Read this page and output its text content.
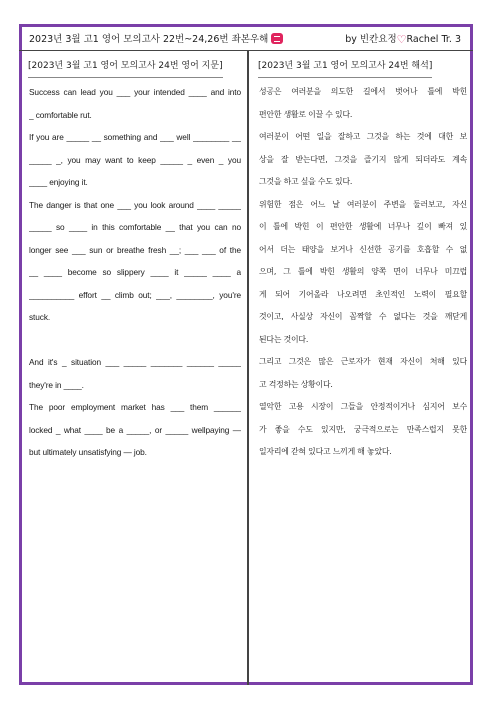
2023년 3월 고1 영어 모의고사 22번~24,26번 좌본우해	by 빈칸요정♡Rachel Tr. 3
[2023년 3월 고1 영어 모의고사 24번 영어 지문]	[2023년 3월 고1 영어 모의고사 24번 해석]
Success can lead you ___ your intended ____ and into
_ comfortable rut.
If you are _____ __ something and ___ well ________ __
_____ _, you may want to keep _____ _ even _ you
____ enjoying it.
The danger is that one ___ you look around ____ _____
_____ so ____ in this comfortable __ that you can no
longer see ___ sun or breathe fresh __; ___ ___ of the
__ ____ become so slippery ____ it _____ ____ a
__________ effort __ climb out; ___, ________, you're
stuck.
And it's _ situation ___ _____ _______ ______ _____
they're in ____.
The poor employment market has ___ them ______
locked _ what ____ be a _____, or _____ wellpaying —
but ultimately unsatisfying — job.
성공은 여러분을 의도한 길에서 벗어나 틀에 박힌
편안한 생활로 이끌 수 있다.
여러분이 어떤 일을 잘하고 그것을 하는 것에 대한 보
상을 잘 받는다면, 그것을 즐기지 않게 되더라도 계속
그것을 하고 싶을 수도 있다.
위험한 점은 어느 날 여러분이 주변을 둘러보고, 자신
이 틀에 박힌 이 편안한 생활에 너무나 깊이 빠져 있
어서 더는 태양을 보거나 신선한 공기를 호흡할 수 없
으며, 그 틀에 박힌 생활의 양쪽 면이 너무나 미끄럽
게 되어 기어올라 나오려면 초인적인 노력이 필요할
것이고, 사실상 자신이 꼼짝할 수 없다는 것을 깨닫게
된다는 것이다.
그리고 그것은 많은 근로자가 현재 자신이 처해 있다
고 걱정하는 상황이다.
열악한 고용 시장이 그들을 안정적이거나 심지어 보수
가 좋을 수도 있지만, 궁극적으로는 만족스럽지 못한
일자리에 갇혀 있다고 느끼게 해 놓았다.
